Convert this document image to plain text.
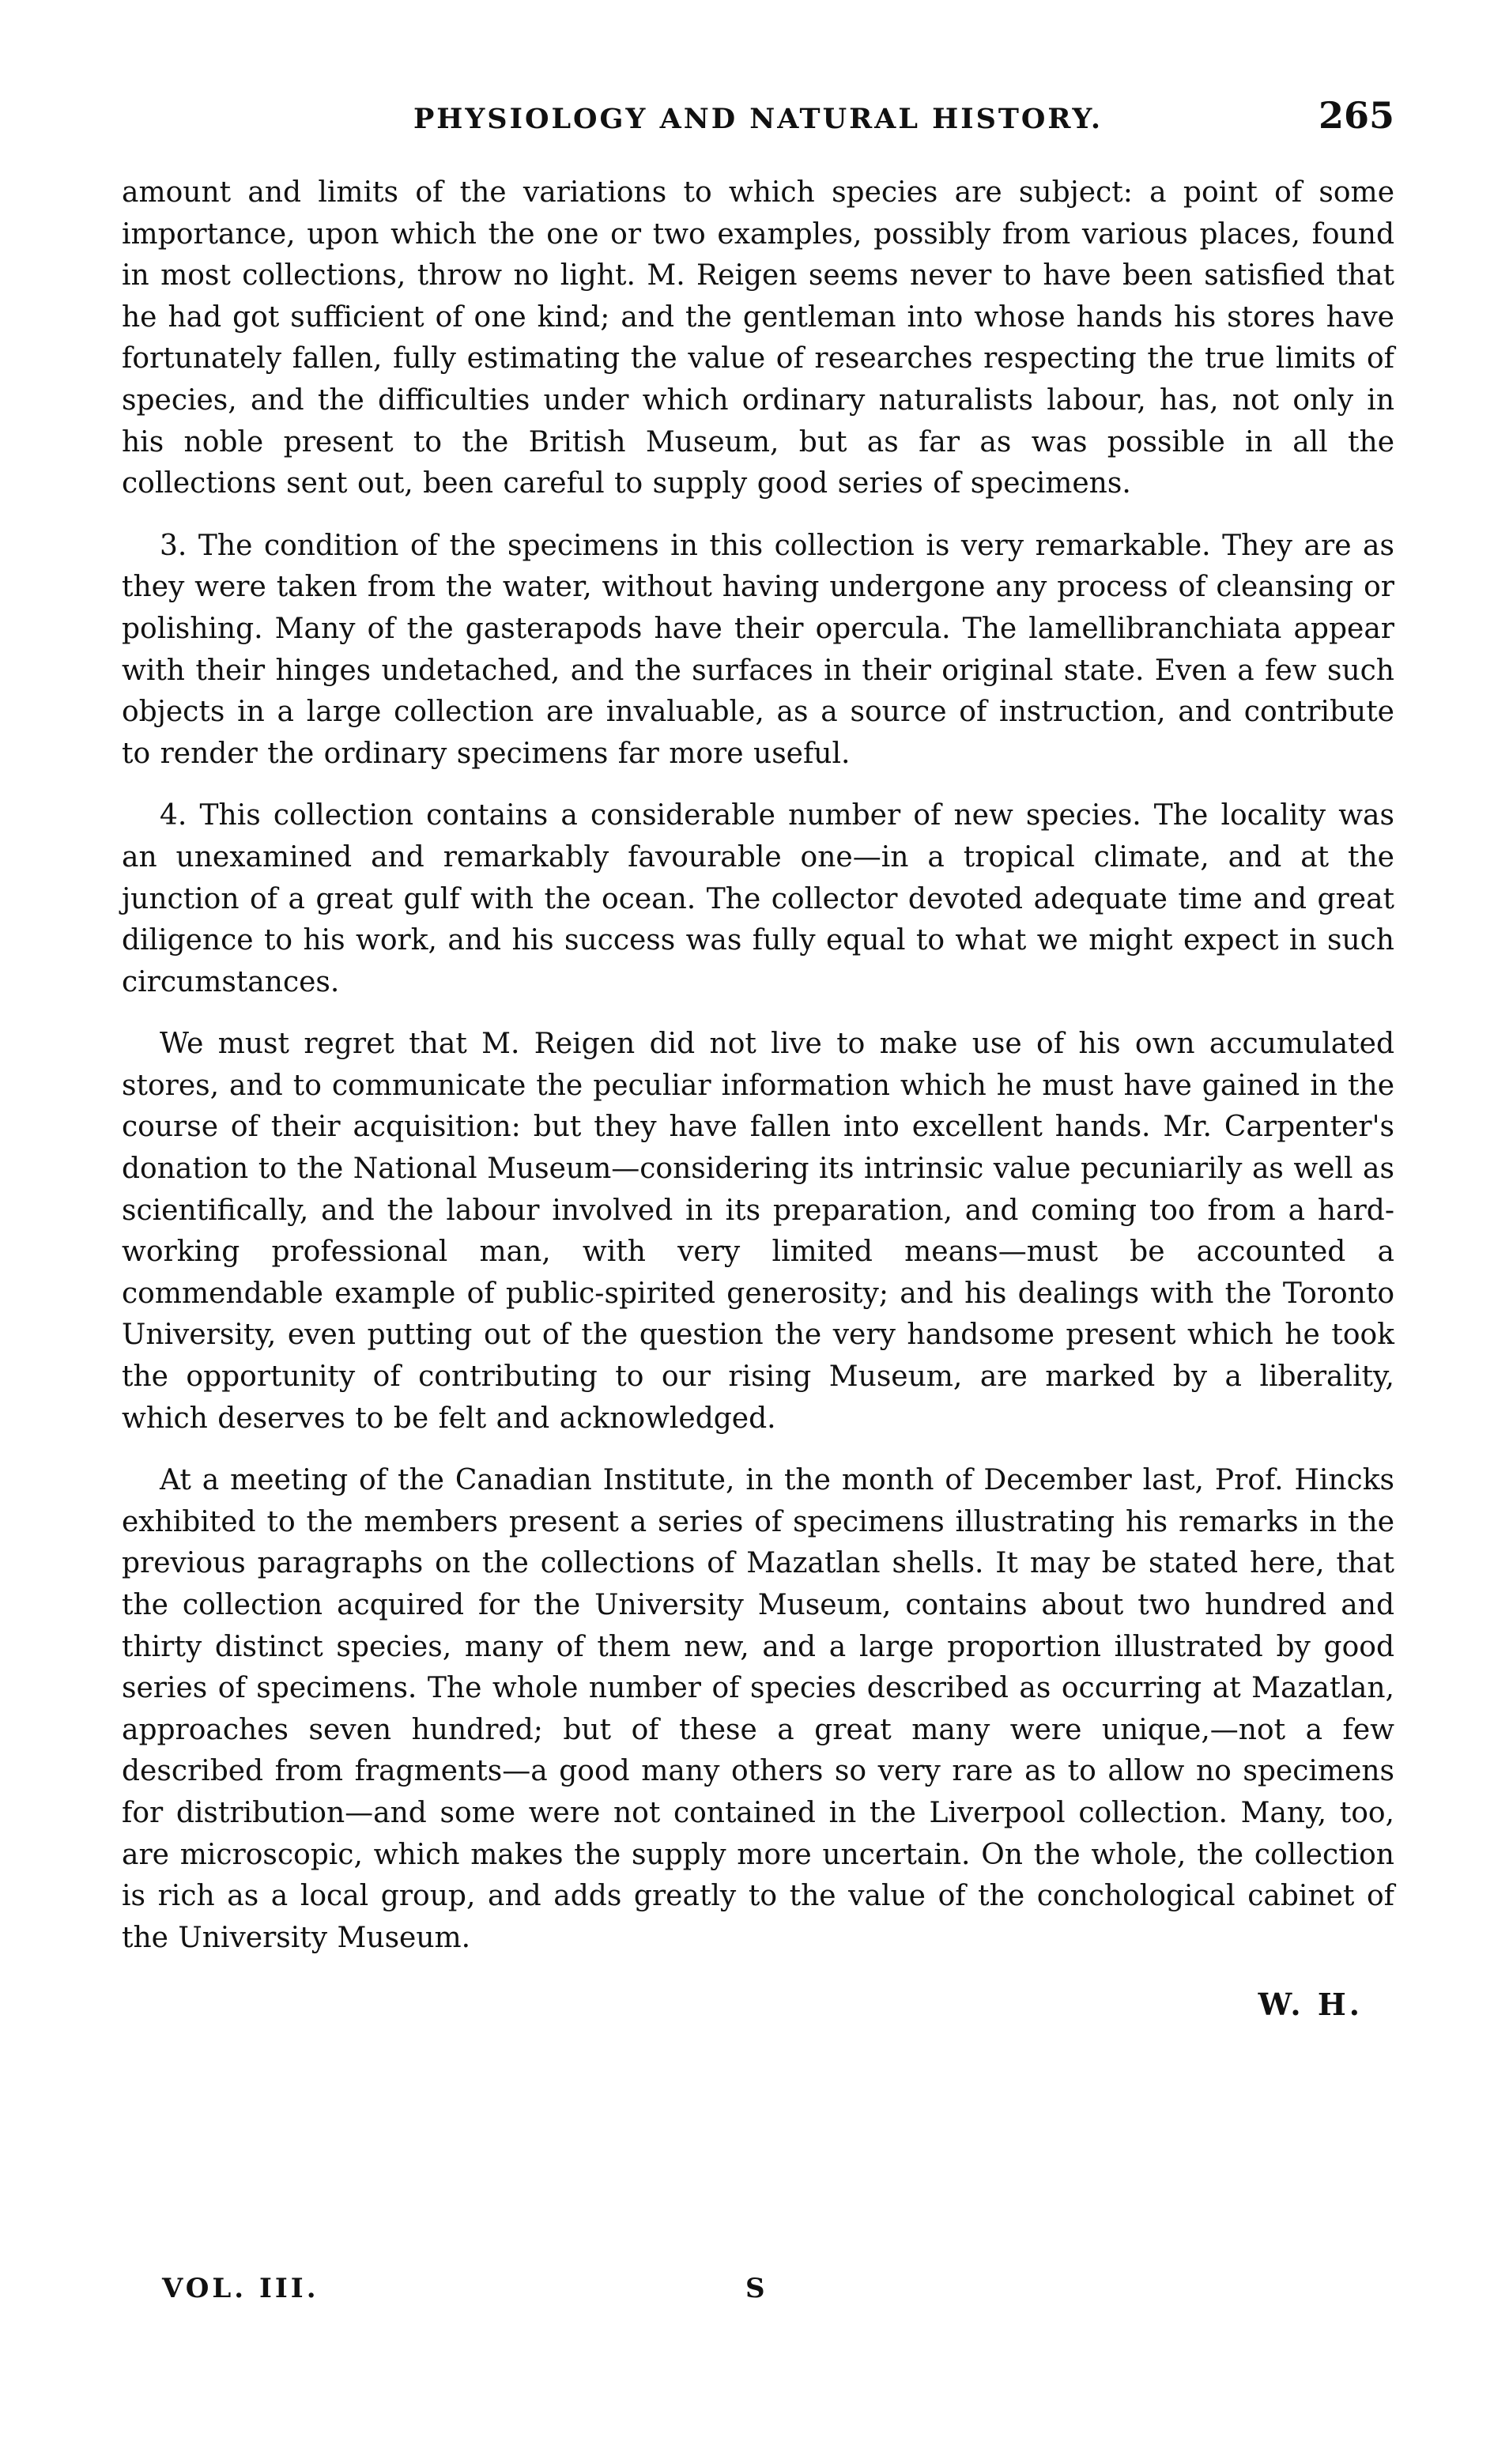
PHYSIOLOGY AND NATURAL HISTORY.	265

amount and limits of the variations to which species are subject: a point of some importance, upon which the one or two examples, possibly from various places, found in most collections, throw no light. M. Reigen seems never to have been satisfied that he had got sufficient of one kind; and the gentleman into whose hands his stores have fortunately fallen, fully estimating the value of researches respecting the true limits of species, and the difficulties under which ordinary naturalists labour, has, not only in his noble present to the British Museum, but as far as was possible in all the collections sent out, been careful to supply good series of specimens.

3. The condition of the specimens in this collection is very remarkable. They are as they were taken from the water, without having undergone any process of cleansing or polishing. Many of the gasterapods have their opercula. The lamellibranchiata appear with their hinges undetached, and the surfaces in their original state. Even a few such objects in a large collection are invaluable, as a source of instruction, and contribute to render the ordinary specimens far more useful.

4. This collection contains a considerable number of new species. The locality was an unexamined and remarkably favourable one—in a tropical climate, and at the junction of a great gulf with the ocean. The collector devoted adequate time and great diligence to his work, and his success was fully equal to what we might expect in such circumstances.

We must regret that M. Reigen did not live to make use of his own accumulated stores, and to communicate the peculiar information which he must have gained in the course of their acquisition: but they have fallen into excellent hands. Mr. Carpenter's donation to the National Museum—considering its intrinsic value pecuniarily as well as scientifically, and the labour involved in its preparation, and coming too from a hard-working professional man, with very limited means—must be accounted a commendable example of public-spirited generosity; and his dealings with the Toronto University, even putting out of the question the very handsome present which he took the opportunity of contributing to our rising Museum, are marked by a liberality, which deserves to be felt and acknowledged.

At a meeting of the Canadian Institute, in the month of December last, Prof. Hincks exhibited to the members present a series of specimens illustrating his remarks in the previous paragraphs on the collections of Mazatlan shells. It may be stated here, that the collection acquired for the University Museum, contains about two hundred and thirty distinct species, many of them new, and a large proportion illustrated by good series of specimens. The whole number of species described as occurring at Mazatlan, approaches seven hundred; but of these a great many were unique,—not a few described from fragments—a good many others so very rare as to allow no specimens for distribution—and some were not contained in the Liverpool collection. Many, too, are microscopic, which makes the supply more uncertain. On the whole, the collection is rich as a local group, and adds greatly to the value of the conchological cabinet of the University Museum.

W. H.
VOL. III.	S
